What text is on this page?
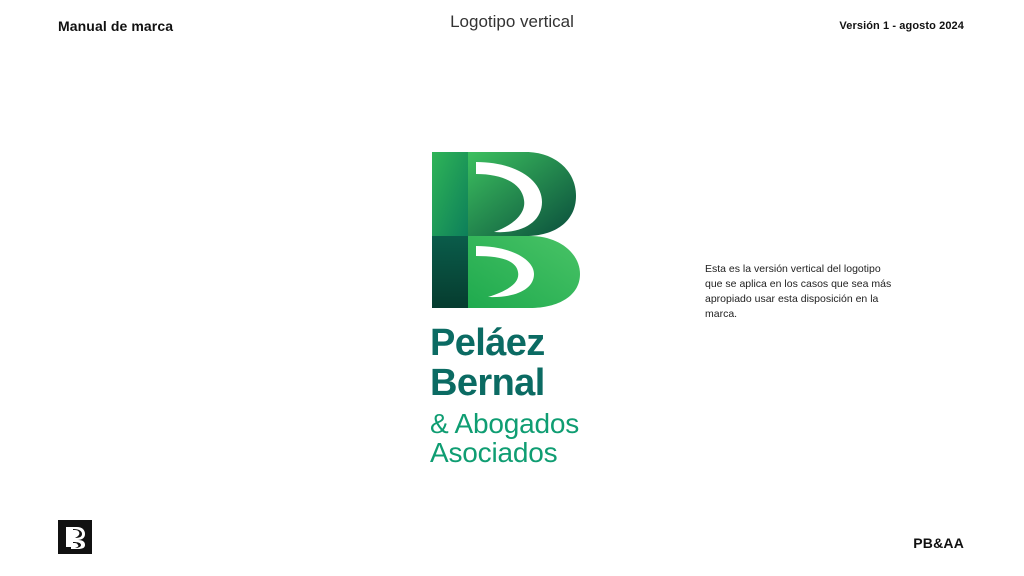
Manual de marca	Logotipo vertical	Versión 1 - agosto 2024
Peláez
Bernal
& Abogados
Asociados
Esta es la versión vertical del logotipo que se aplica en los casos que sea más apropiado usar esta disposición en la marca.
PB&AA
